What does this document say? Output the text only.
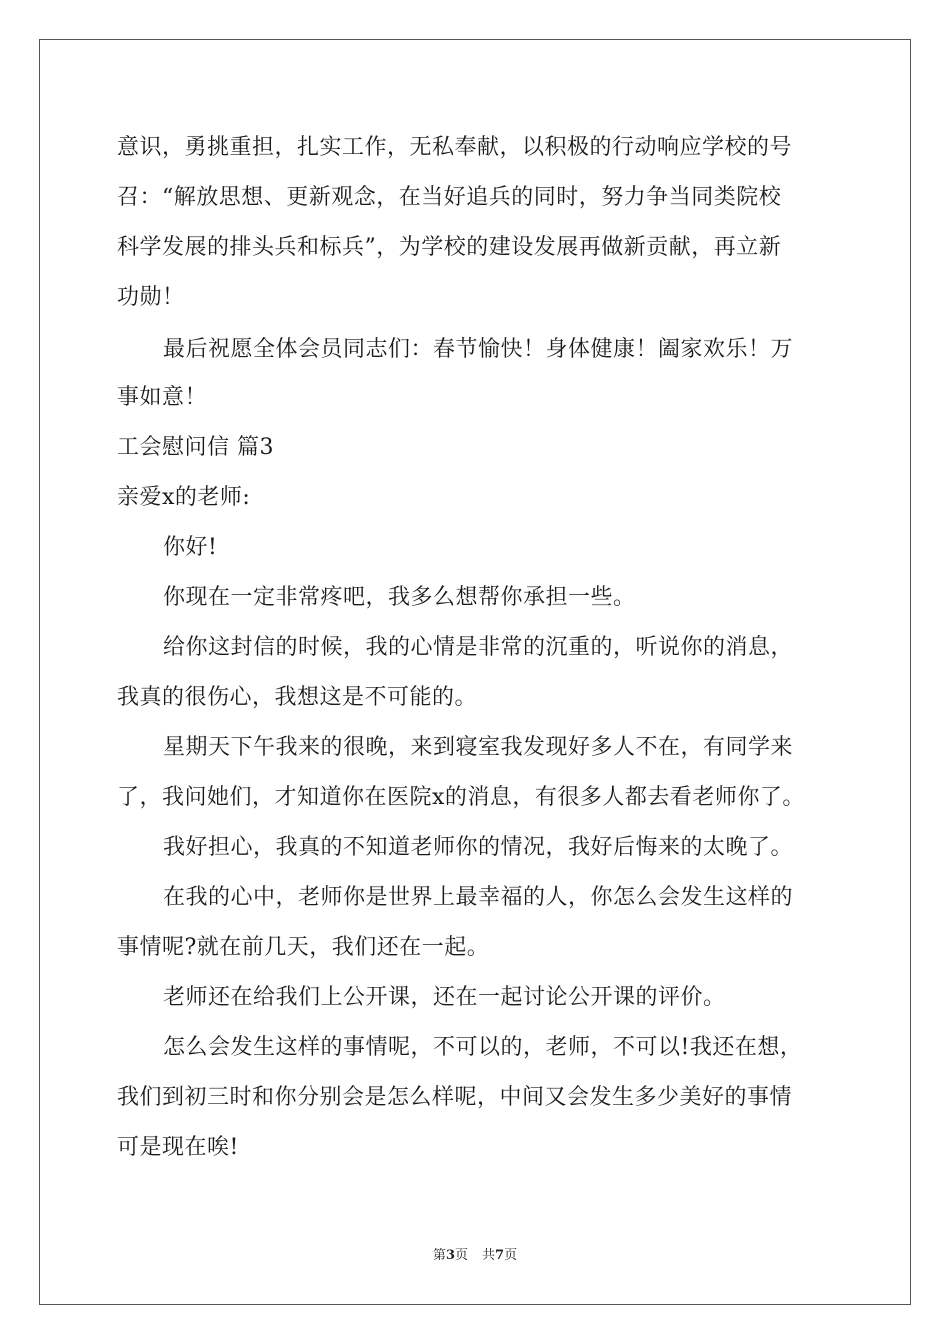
意识，勇挑重担，扎实工作，无私奉献，以积极的行动响应学校的号
召：“解放思想、更新观念，在当好追兵的同时，努力争当同类院校
科学发展的排头兵和标兵”，为学校的建设发展再做新贡献，再立新
功勋！
最后祝愿全体会员同志们：春节愉快！身体健康！阖家欢乐！万
事如意！
工会慰问信 篇3
亲爱x的老师:
你好!
你现在一定非常疼吧，我多么想帮你承担一些。
给你这封信的时候，我的心情是非常的沉重的，听说你的消息，
我真的很伤心，我想这是不可能的。
星期天下午我来的很晚，来到寝室我发现好多人不在，有同学来
了，我问她们，才知道你在医院x的消息，有很多人都去看老师你了。
我好担心，我真的不知道老师你的情况，我好后悔来的太晚了。
在我的心中，老师你是世界上最幸福的人，你怎么会发生这样的
事情呢?就在前几天，我们还在一起。
老师还在给我们上公开课，还在一起讨论公开课的评价。
怎么会发生这样的事情呢，不可以的，老师，不可以!我还在想，
我们到初三时和你分别会是怎么样呢，中间又会发生多少美好的事情
可是现在唉!
第3页 共7页
